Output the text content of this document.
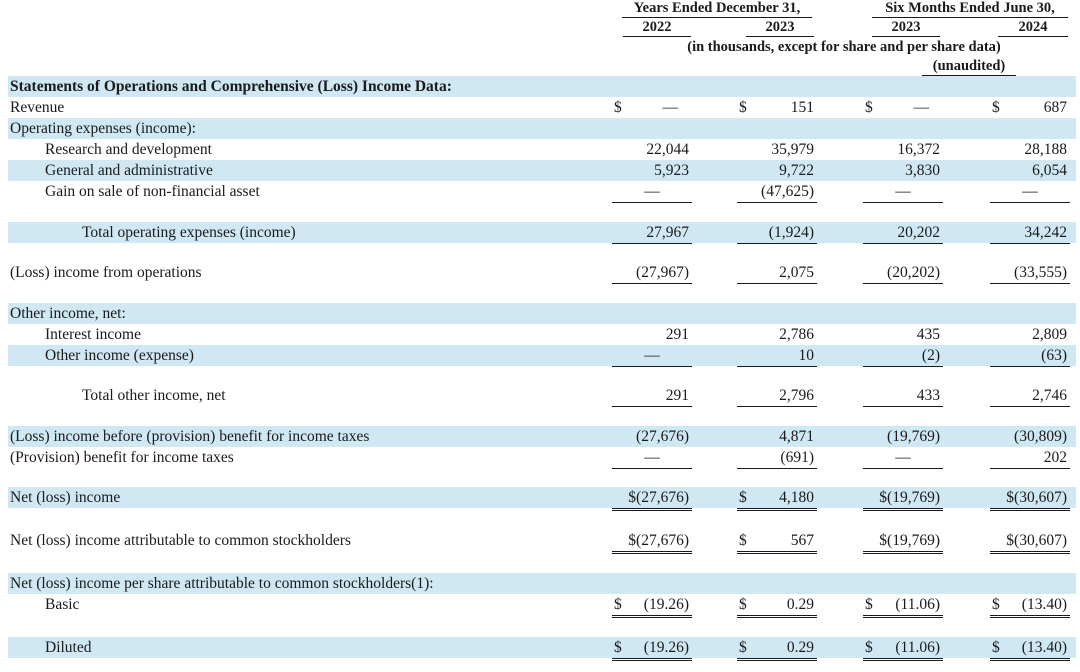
Years Ended December 31,	Six Months Ended June 30,
2022	2023	2023	2024
(in thousands, except for share and per share data)
(unaudited)
Statements of Operations and Comprehensive (Loss) Income Data:
Revenue	$	—	$	151	$	—	$	687
Operating expenses (income):
Research and development	22,044	35,979	16,372	28,188
General and administrative	5,923	9,722	3,830	6,054
Gain on sale of non-financial asset	—	(47,625)	—	—
Total operating expenses (income)	27,967	(1,924)	20,202	34,242
(Loss) income from operations	(27,967)	2,075	(20,202)	(33,555)
Other income, net:
Interest income	291	2,786	435	2,809
Other income (expense)	—	10	(2)	(63)
Total other income, net	291	2,796	433	2,746
(Loss) income before (provision) benefit for income taxes	(27,676)	4,871	(19,769)	(30,809)
(Provision) benefit for income taxes	—	(691)	—	202
Net (loss) income	$(27,676)	$ 4,180	$(19,769)	$(30,607)
Net (loss) income attributable to common stockholders	$(27,676)	$	567	$(19,769)	$(30,607)
Net (loss) income per share attributable to common stockholders(1):
Basic	$ (19.26)	$	0.29	$ (11.06)	$ (13.40)
Diluted	$ (19.26)	$	0.29	$ (11.06)	$ (13.40)
